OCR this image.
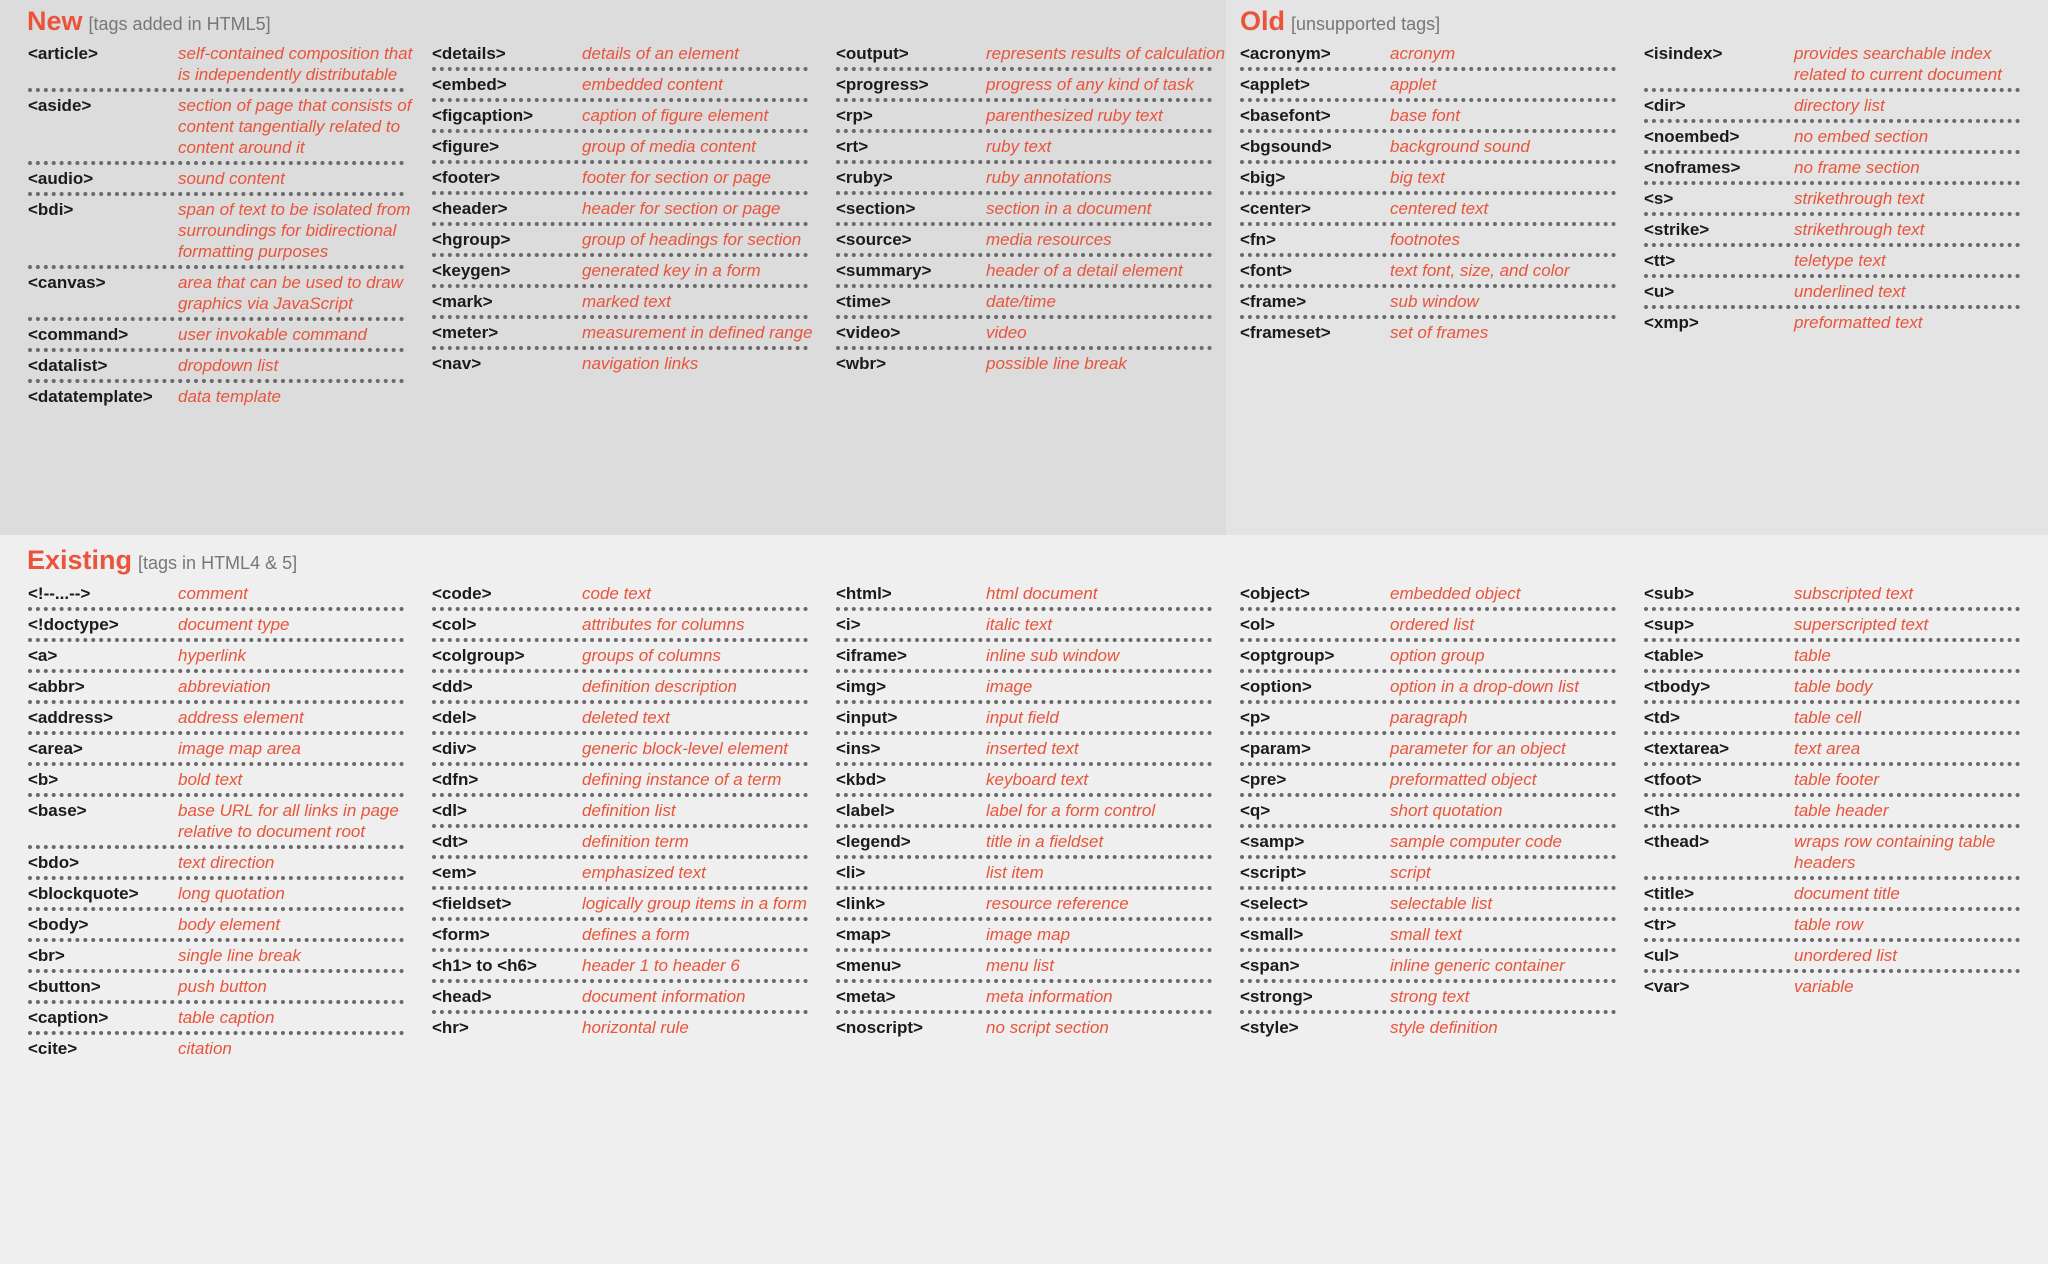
New [tags added in HTML5]	Old [unsupported tags]
Existing [tags in HTML4 & 5]
<article>	self-contained composition that is independently distributable
<aside>	section of page that consists of content tangentially related to content around it
<audio>	sound content
<bdi>	span of text to be isolated from surroundings for bidirectional formatting purposes
<canvas>	area that can be used to draw graphics via JavaScript
<command>	user invokable command
<datalist>	dropdown list
<datatemplate>	data template
<details>	details of an element
<embed>	embedded content
<figcaption>	caption of figure element
<figure>	group of media content
<footer>	footer for section or page
<header>	header for section or page
<hgroup>	group of headings for section
<keygen>	generated key in a form
<mark>	marked text
<meter>	measurement in defined range
<nav>	navigation links
<output>	represents results of calculation
<progress>	progress of any kind of task
<rp>	parenthesized ruby text
<rt>	ruby text
<ruby>	ruby annotations
<section>	section in a document
<source>	media resources
<summary>	header of a detail element
<time>	date/time
<video>	video
<wbr>	possible line break
<acronym>	acronym
<applet>	applet
<basefont>	base font
<bgsound>	background sound
<big>	big text
<center>	centered text
<fn>	footnotes
<font>	text font, size, and color
<frame>	sub window
<frameset>	set of frames
<isindex>	provides searchable index related to current document
<dir>	directory list
<noembed>	no embed section
<noframes>	no frame section
<s>	strikethrough text
<strike>	strikethrough text
<tt>	teletype text
<u>	underlined text
<xmp>	preformatted text
<!--...-->	comment
<!doctype>	document type
<a>	hyperlink
<abbr>	abbreviation
<address>	address element
<area>	image map area
<b>	bold text
<base>	base URL for all links in page relative to document root
<bdo>	text direction
<blockquote>	long quotation
<body>	body element
<br>	single line break
<button>	push button
<caption>	table caption
<cite>	citation
<code>	code text
<col>	attributes for columns
<colgroup>	groups of columns
<dd>	definition description
<del>	deleted text
<div>	generic block-level element
<dfn>	defining instance of a term
<dl>	definition list
<dt>	definition term
<em>	emphasized text
<fieldset>	logically group items in a form
<form>	defines a form
<h1> to <h6>	header 1 to header 6
<head>	document information
<hr>	horizontal rule
<html>	html document
<i>	italic text
<iframe>	inline sub window
<img>	image
<input>	input field
<ins>	inserted text
<kbd>	keyboard text
<label>	label for a form control
<legend>	title in a fieldset
<li>	list item
<link>	resource reference
<map>	image map
<menu>	menu list
<meta>	meta information
<noscript>	no script section
<object>	embedded object
<ol>	ordered list
<optgroup>	option group
<option>	option in a drop-down list
<p>	paragraph
<param>	parameter for an object
<pre>	preformatted object
<q>	short quotation
<samp>	sample computer code
<script>	script
<select>	selectable list
<small>	small text
<span>	inline generic container
<strong>	strong text
<style>	style definition
<sub>	subscripted text
<sup>	superscripted text
<table>	table
<tbody>	table body
<td>	table cell
<textarea>	text area
<tfoot>	table footer
<th>	table header
<thead>	wraps row containing table headers
<title>	document title
<tr>	table row
<ul>	unordered list
<var>	variable
